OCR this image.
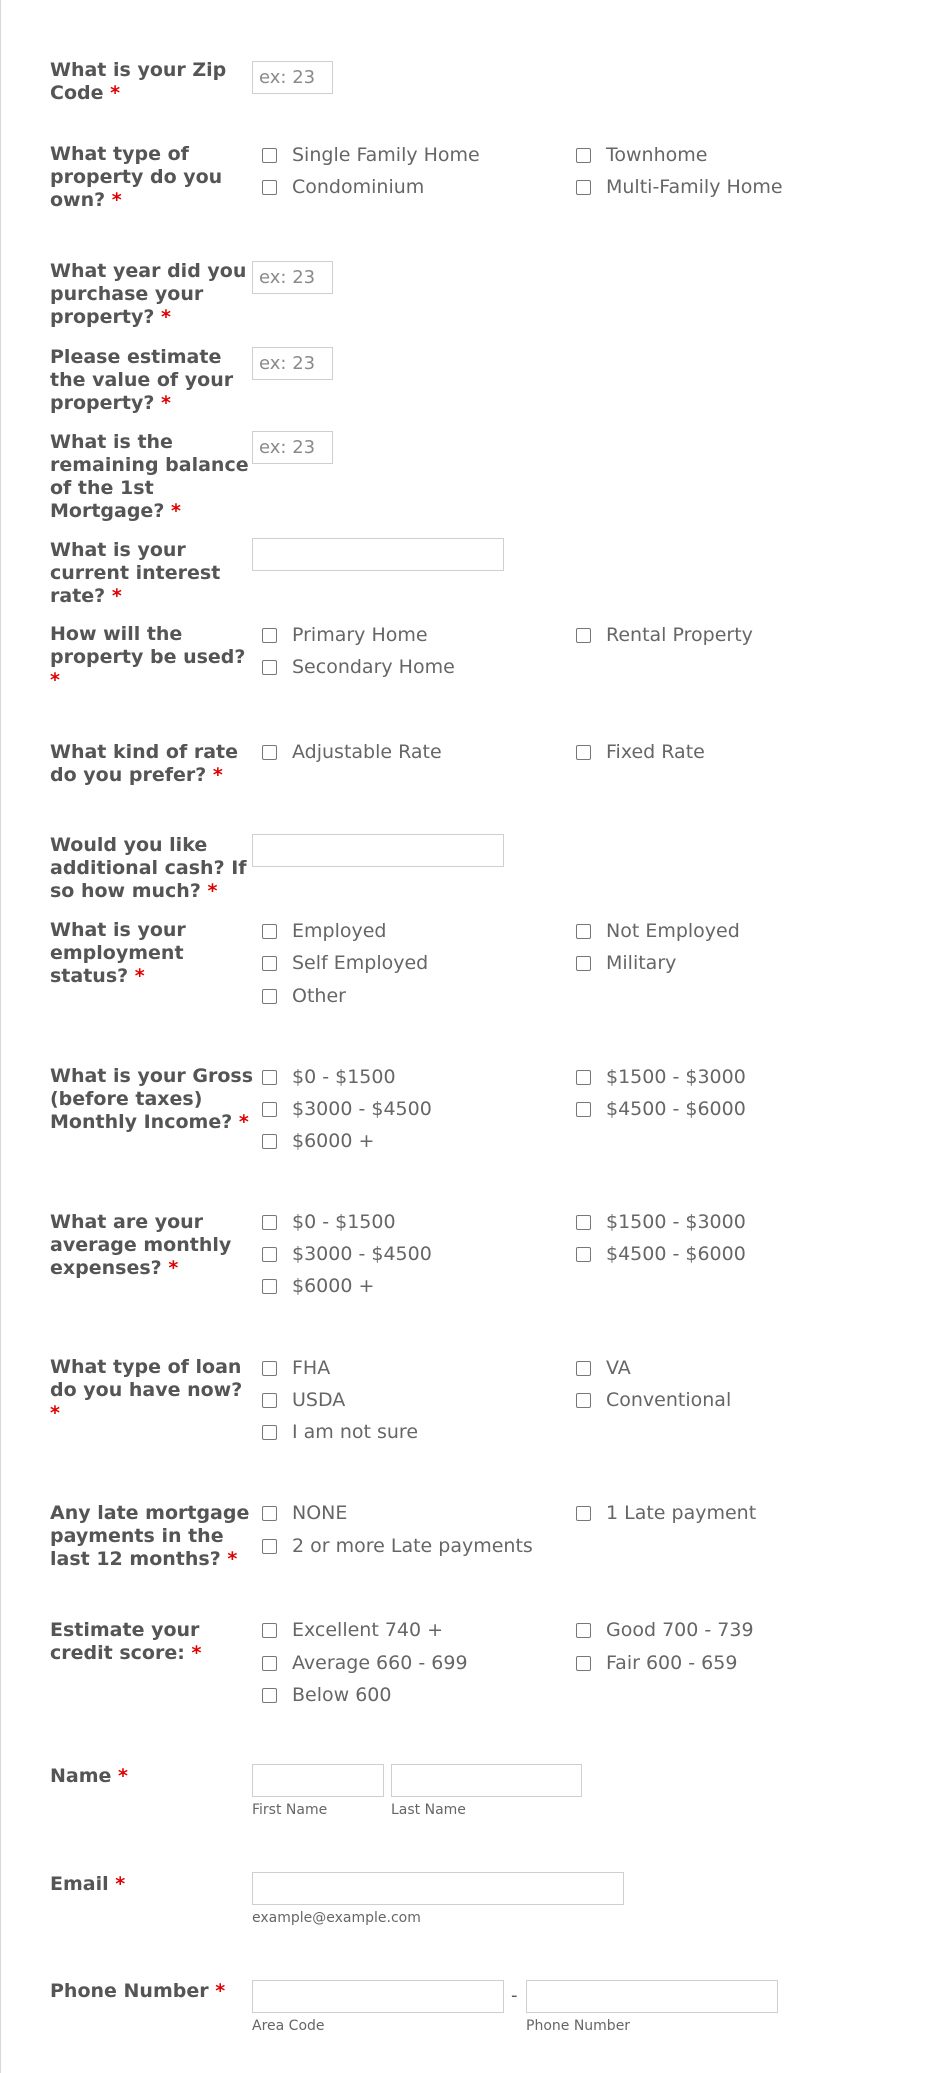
What is your Zip Code *
ex: 23
What type of property do you own? *
Single Family Home	Townhome
Condominium	Multi-Family Home
What year did you purchase your property? *
ex: 23
Please estimate the value of your property? *
ex: 23
What is the remaining balance of the 1st Mortgage? *
ex: 23
What is your current interest rate? *
How will the property be used? *
Primary Home	Rental Property
Secondary Home
What kind of rate do you prefer? *
Adjustable Rate	Fixed Rate
Would you like additional cash? If so how much? *
What is your employment status? *
Employed	Not Employed
Self Employed	Military
Other
What is your Gross (before taxes) Monthly Income? *
$0 - $1500	$1500 - $3000
$3000 - $4500	$4500 - $6000
$6000 +
What are your average monthly expenses? *
$0 - $1500	$1500 - $3000
$3000 - $4500	$4500 - $6000
$6000 +
What type of loan do you have now? *
FHA	VA
USDA	Conventional
I am not sure
Any late mortgage payments in the last 12 months? *
NONE	1 Late payment
2 or more Late payments
Estimate your credit score: *
Excellent 740 +	Good 700 - 739
Average 660 - 699	Fair 600 - 659
Below 600
Name *
First Name	Last Name
Email *
example@example.com
Phone Number *	-
Area Code	Phone Number
